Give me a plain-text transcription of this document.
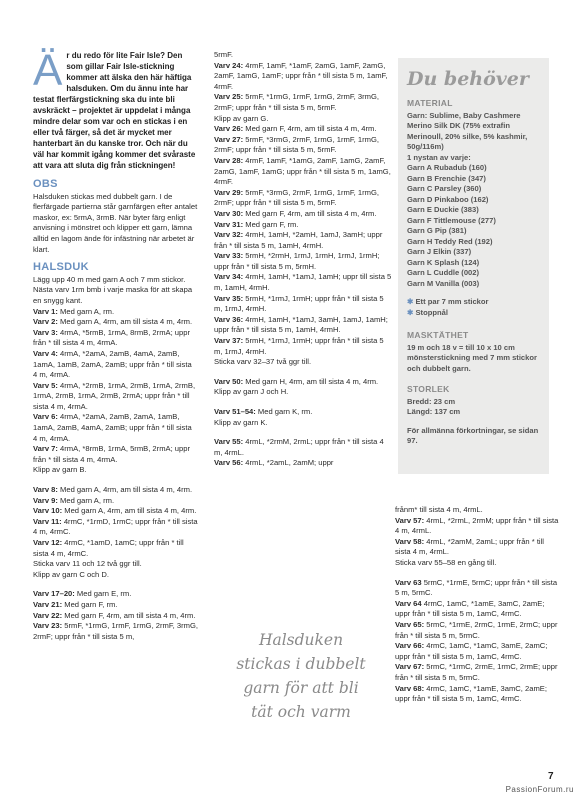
Ä r du redo för lite Fair Isle? Den som gillar Fair Isle-stickning kommer att älska den här häftiga halsduken. Om du ännu inte har testat flerfärgstickning ska du inte bli avskräckt – projektet är uppdelat i många mindre delar som var och en stickas i en eller två färger, så det är mycket mer hanterbart än du kanske tror. Och när du väl har kommit igång kommer det svåraste att vara att sluta dig från stickningen!

OBS

Halsduken stickas med dubbelt garn. I de flerfärgade partierna står garnfärgen efter antalet maskor, ex: 5rmA, 3rmB. När byter färg enligt anvisning i mönstret och klipper ett garn, lämna alltid en lagom ände för infästning när arbetet är klart.

HALSDUK

Lägg upp 40 m med garn A och 7 mm stickor. Nästa varv 1rm bmb i varje maska för att skapa en snygg kant.

Varv 1: Med garn A, rm.
Varv 2: Med garn A, 4rm, am till sista 4 m, 4rm.
Varv 3: 4rmA, *5rmB, 1rmA, 8rmB, 2rmA; uppr från * till sista 4 m, 4rmA.
Varv 4: 4rmA, *2amA, 2amB, 4amA, 2amB, 1amA, 1amB, 2amA, 2amB; uppr från * till sista 4 m, 4rmA.
Varv 5: 4rmA, *2rmB, 1rmA, 2rmB, 1rmA, 2rmB, 1rmA, 2rmB, 1rmA, 2rmB, 2rmA; uppr från * till sista 4 m, 4rmA.
Varv 6: 4rmA, *2amA, 2amB, 2amA, 1amB, 1amA, 2amB, 4amA, 2amB; uppr från * till sista 4 m, 4rmA.
Varv 7: 4rmA, *8rmB, 1rmA, 5rmB, 2rmA; uppr från * till sista 4 m, 4rmA.
Klipp av garn B.
Varv 8: Med garn A, 4rm, am till sista 4 m, 4rm.
Varv 9: Med garn A, rm.
Varv 10: Med garn A, 4rm, am till sista 4 m, 4rm.
Varv 11: 4rmC, *1rmD, 1rmC; uppr från * till sista 4 m, 4rmC.
Varv 12: 4rmC, *1amD, 1amC; uppr från * till sista 4 m, 4rmC.
Sticka varv 11 och 12 två ggr till.
Klipp av garn C och D.
Varv 17–20: Med garn E, rm.
Varv 21: Med garn F, rm.
Varv 22: Med garn F, 4rm, am till sista 4 m, 4rm.
Varv 23: 5rmF, *1rmG, 1rmF, 1rmG, 2rmF, 3rmG, 2rmF; uppr från * till sista 5 m,
5rmF.
Varv 24: 4rmF, 1amF, *1amF, 2amG, 1amF, 2amG, 2amF, 1amG, 1amF; uppr från * till sista 5 m, 1amF, 4rmF.
Varv 25: 5rmF, *1rmG, 1rmF, 1rmG, 2rmF, 3rmG, 2rmF; uppr från * till sista 5 m, 5rmF.
Klipp av garn G.
Varv 26: Med garn F, 4rm, am till sista 4 m, 4rm.
Varv 27: 5rmF, *3rmG, 2rmF, 1rmG, 1rmF, 1rmG, 2rmF; uppr från * till sista 5 m, 5rmF.
Varv 28: 4rmF, 1amF, *1amG, 2amF, 1amG, 2amF, 2amG, 1amF, 1amG; uppr från * till sista 5 m, 1amG, 4rmF.
Varv 29: 5rmF, *3rmG, 2rmF, 1rmG, 1rmF, 1rmG, 2rmF; uppr från * till sista 5 m, 5rmF.
Varv 30: Med garn F, 4rm, am till sista 4 m, 4rm.
Varv 31: Med garn F, rm.
Varv 32: 4rmH, 1amH, *2amH, 1amJ, 3amH; uppr från * till sista 5 m, 1amH, 4rmH.
Varv 33: 5rmH, *2rmH, 1rmJ, 1rmH, 1rmJ, 1rmH; uppr från * till sista 5 m, 5rmH.
Varv 34: 4rmH, 1amH, *1amJ, 1amH; uppr till sista 5 m, 1amH, 4rmH.
Varv 35: 5rmH, *1rmJ, 1rmH; uppr från * till sista 5 m, 1rmJ, 4rmH.
Varv 36: 4rmH, 1amH, *1amJ, 3amH, 1amJ, 1amH; uppr från * till sista 5 m, 1amH, 4rmH.
Varv 37: 5rmH, *1rmJ, 1rmH; uppr från * till sista 5 m, 1rmJ, 4rmH.
Sticka varv 32–37 två ggr till.
Varv 50: Med garn H, 4rm, am till sista 4 m, 4rm.
Klipp av garn J och H.
Varv 51–54: Med garn K, rm.
Klipp av garn K.
Varv 55: 4rmL, *2rmM, 2rmL; uppr från * till sista 4 m, 4rmL.
Varv 56: 4rmL, *2amL, 2amM; uppr
Du behöver
MATERIAL
Garn: Sublime, Baby Cashmere Merino Silk DK (75% extrafin Merinoull, 20% silke, 5% kashmir, 50g/116m)
1 nystan av varje:
Garn A Rubadub (160)
Garn B Frenchie (347)
Garn C Parsley (360)
Garn D Pinkaboo (162)
Garn E Duckie (383)
Garn F Tittlemouse (277)
Garn G Pip (381)
Garn H Teddy Red (192)
Garn J Elkin (337)
Garn K Splash (124)
Garn L Cuddle (002)
Garn M Vanilla (003)
✱ Ett par 7 mm stickor
✱ Stoppnål
MASKTÄTHET
19 m och 18 v = till 10 x 10 cm mönsterstickning med 7 mm stickor och dubbelt garn.
STORLEK
Bredd: 23 cm
Längd: 137 cm
För allmänna förkortningar, se sidan 97.
frånm* till sista 4 m, 4rmL.
Varv 57: 4rmL, *2rmL, 2rmM; uppr från * till sista 4 m, 4rmL.
Varv 58: 4rmL, *2amM, 2amL; uppr från * till sista 4 m, 4rmL.
Sticka varv 55–58 en gång till.
Varv 63 5rmC, *1rmE, 5rmC; uppr från * till sista 5 m, 5rmC.
Varv 64 4rmC, 1amC, *1amE, 3amC, 2amE; uppr från * till sista 5 m, 1amC, 4rmC.
Varv 65: 5rmC, *1rmE, 2rmC, 1rmE, 2rmC; uppr från * till sista 5 m, 5rmC.
Varv 66: 4rmC, 1amC, *1amC, 3amE, 2amC; uppr från * till sista 5 m, 1amC, 4rmC.
Varv 67: 5rmC, *1rmC, 2rmE, 1rmC, 2rmE; uppr från * till sista 5 m, 5rmC.
Varv 68: 4rmC, 1amC, *1amE, 3amC, 2amE; uppr från * till sista 5 m, 1amC, 4rmC.
Halsduken
stickas i dubbelt
garn för att bli
tät och varm
7
PassionForum.ru
